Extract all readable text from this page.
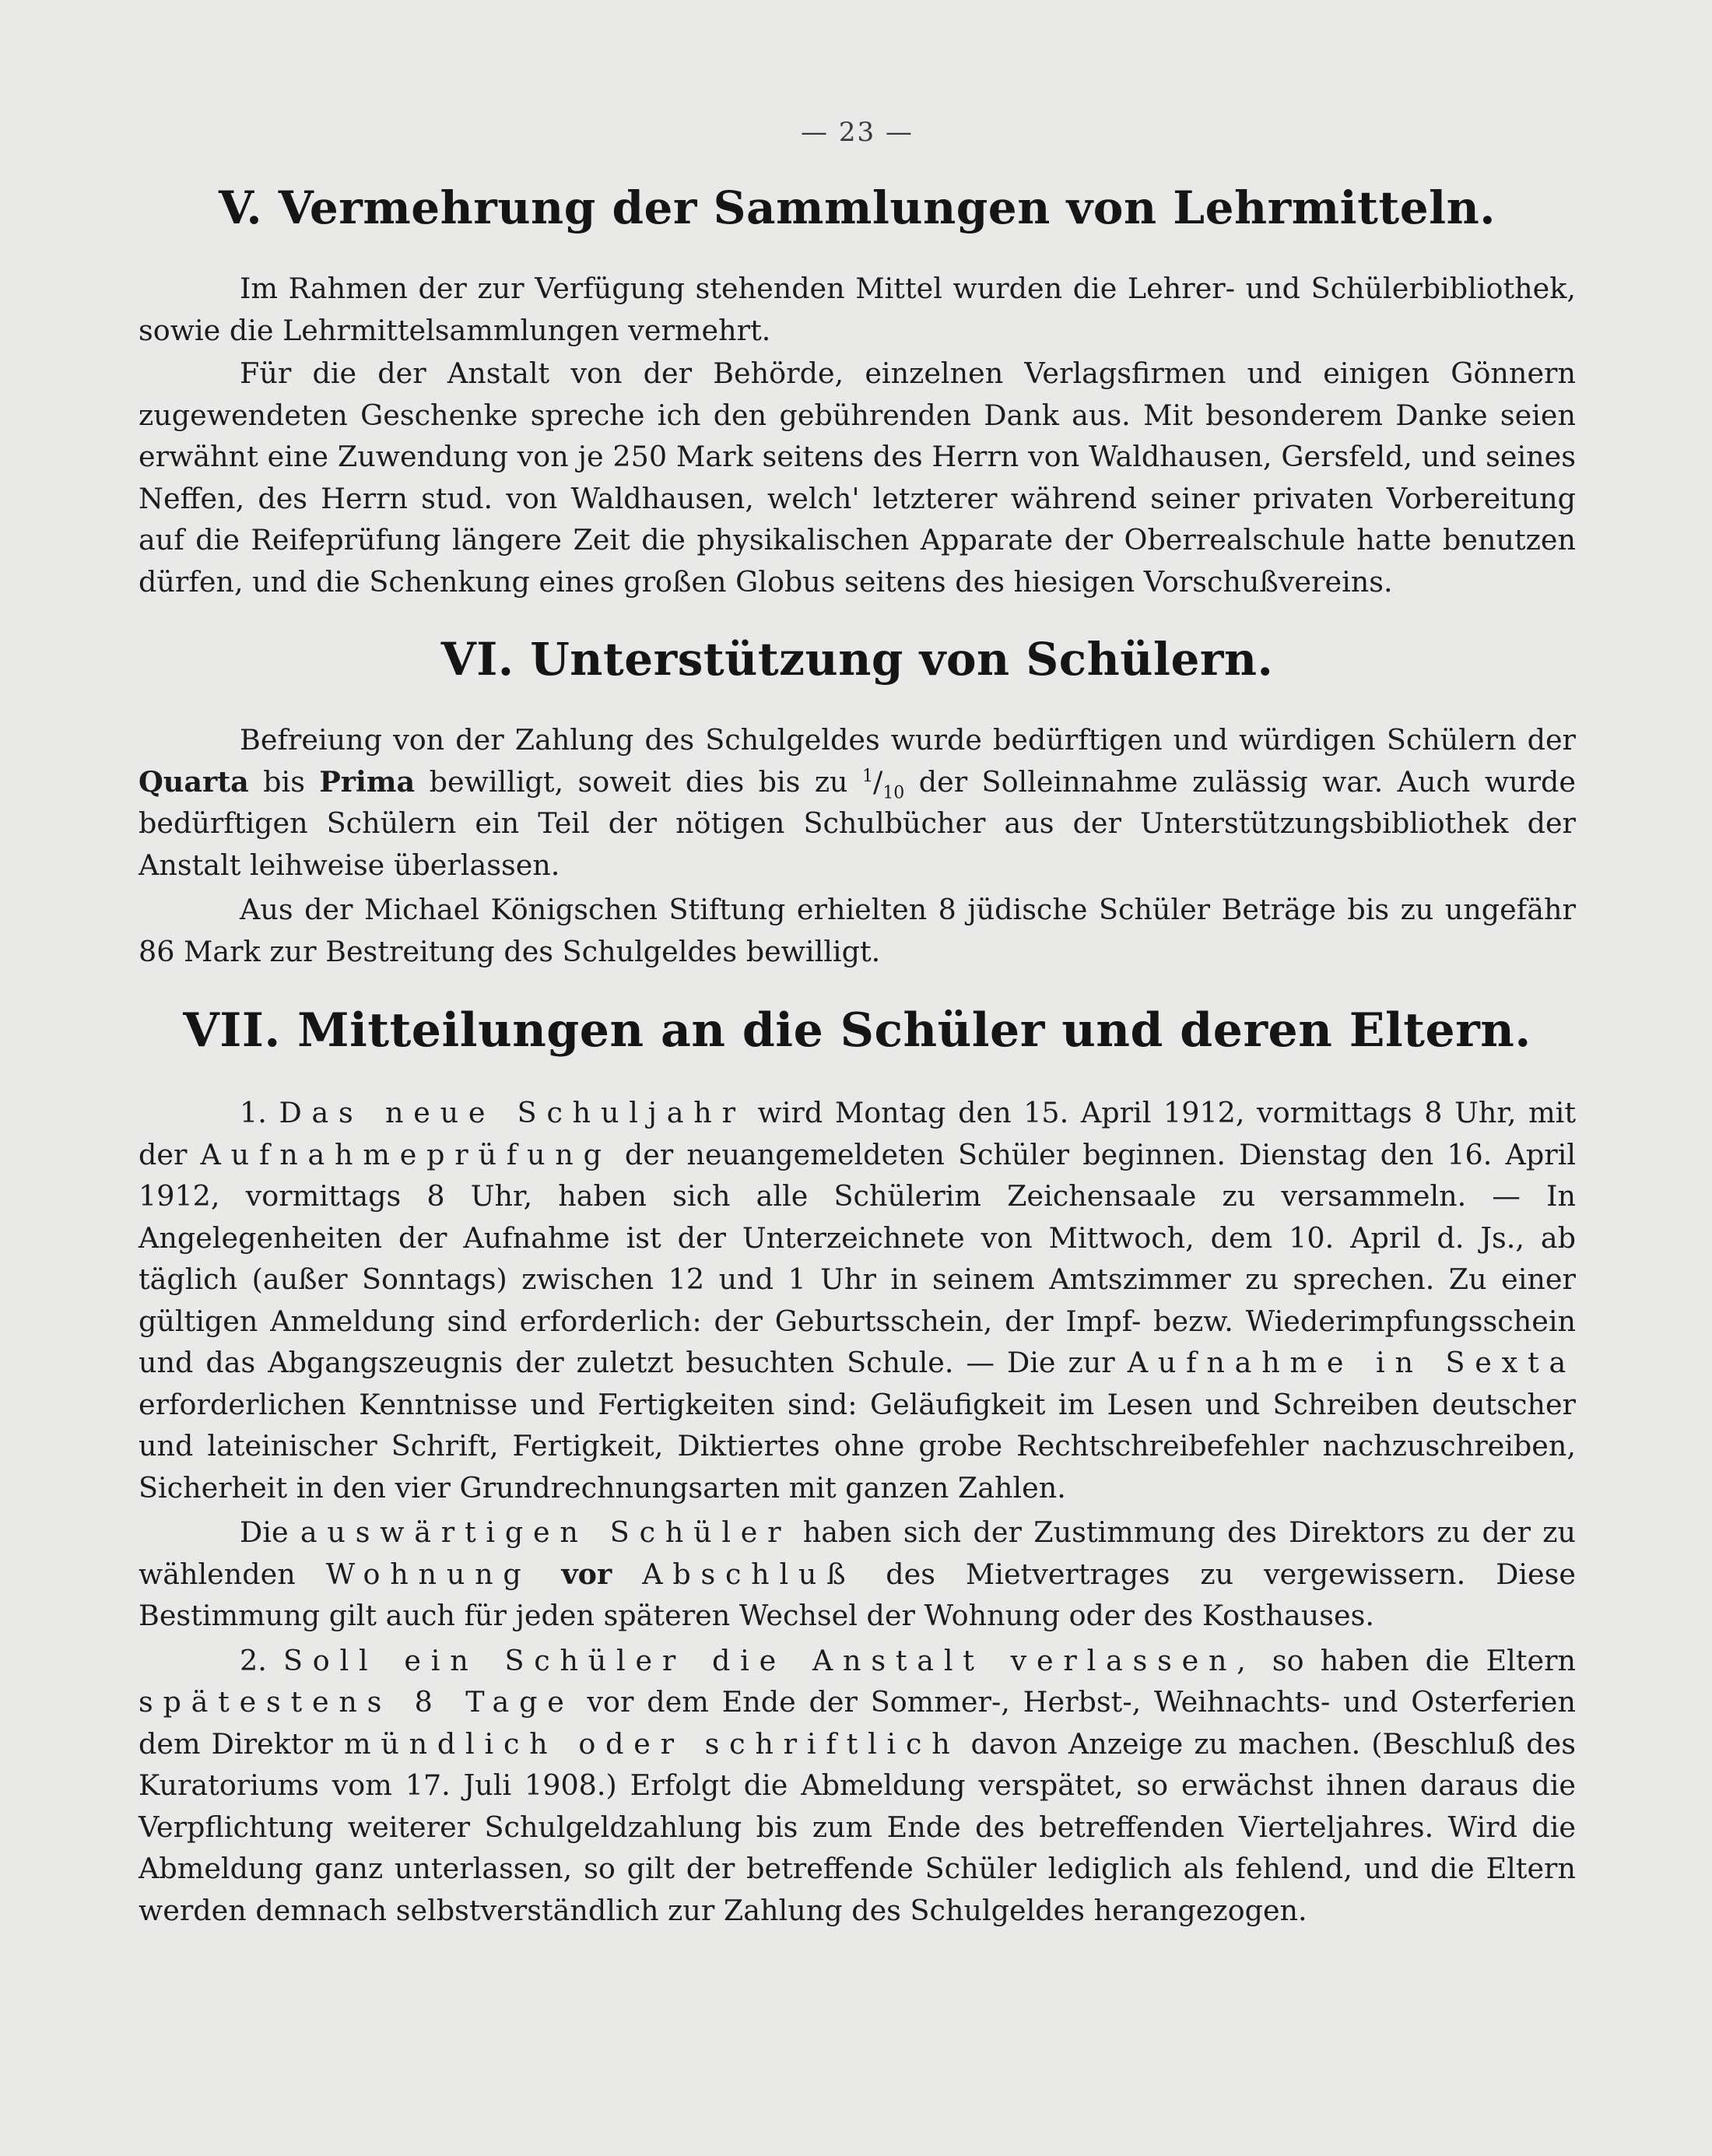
— 23 —
V. Vermehrung der Sammlungen von Lehrmitteln.

Im Rahmen der zur Verfügung stehenden Mittel wurden die Lehrer- und Schülerbibliothek, sowie die Lehrmittelsammlungen vermehrt.

Für die der Anstalt von der Behörde, einzelnen Verlagsfirmen und einigen Gönnern zugewendeten Geschenke spreche ich den gebührenden Dank aus. Mit besonderem Danke seien erwähnt eine Zuwendung von je 250 Mark seitens des Herrn von Waldhausen, Gersfeld, und seines Neffen, des Herrn stud. von Waldhausen, welch' letzterer während seiner privaten Vorbereitung auf die Reifeprüfung längere Zeit die physikalischen Apparate der Oberrealschule hatte benutzen dürfen, und die Schenkung eines großen Globus seitens des hiesigen Vorschußvereins.

VI. Unterstützung von Schülern.

Befreiung von der Zahlung des Schulgeldes wurde bedürftigen und würdigen Schülern der Quarta bis Prima bewilligt, soweit dies bis zu $^1/_{10}$ der Solleinnahme zulässig war. Auch wurde bedürftigen Schülern ein Teil der nötigen Schulbücher aus der Unterstützungsbibliothek der Anstalt leihweise überlassen.

Aus der Michael Königschen Stiftung erhielten 8 jüdische Schüler Beträge bis zu ungefähr 86 Mark zur Bestreitung des Schulgeldes bewilligt.

VII. Mitteilungen an die Schüler und deren Eltern.

1. Das neue Schuljahr wird Montag den 15. April 1912, vormittags 8 Uhr, mit der Aufnahmeprüfung der neuangemeldeten Schüler beginnen. Dienstag den 16. April 1912, vormittags 8 Uhr, haben sich alle Schülerim Zeichensaale zu versammeln. — In Angelegenheiten der Aufnahme ist der Unterzeichnete von Mittwoch, dem 10. April d. Js., ab täglich (außer Sonntags) zwischen 12 und 1 Uhr in seinem Amtszimmer zu sprechen. Zu einer gültigen Anmeldung sind erforderlich: der Geburtsschein, der Impf- bezw. Wiederimpfungsschein und das Abgangszeugnis der zuletzt besuchten Schule. — Die zur Aufnahme in Sexta erforderlichen Kenntnisse und Fertigkeiten sind: Geläufigkeit im Lesen und Schreiben deutscher und lateinischer Schrift, Fertigkeit, Diktiertes ohne grobe Rechtschreibefehler nachzuschreiben, Sicherheit in den vier Grundrechnungsarten mit ganzen Zahlen.

Die auswärtigen Schüler haben sich der Zustimmung des Direktors zu der zu wählenden Wohnung vor Abschluß des Mietvertrages zu vergewissern. Diese Bestimmung gilt auch für jeden späteren Wechsel der Wohnung oder des Kosthauses.

2. Soll ein Schüler die Anstalt verlassen, so haben die Eltern spätestens 8 Tage vor dem Ende der Sommer-, Herbst-, Weihnachts- und Osterferien dem Direktor mündlich oder schriftlich davon Anzeige zu machen. (Beschluß des Kuratoriums vom 17. Juli 1908.) Erfolgt die Abmeldung verspätet, so erwächst ihnen daraus die Verpflichtung weiterer Schulgeldzahlung bis zum Ende des betreffenden Vierteljahres. Wird die Abmeldung ganz unterlassen, so gilt der betreffende Schüler lediglich als fehlend, und die Eltern werden demnach selbstverständlich zur Zahlung des Schulgeldes herangezogen.
